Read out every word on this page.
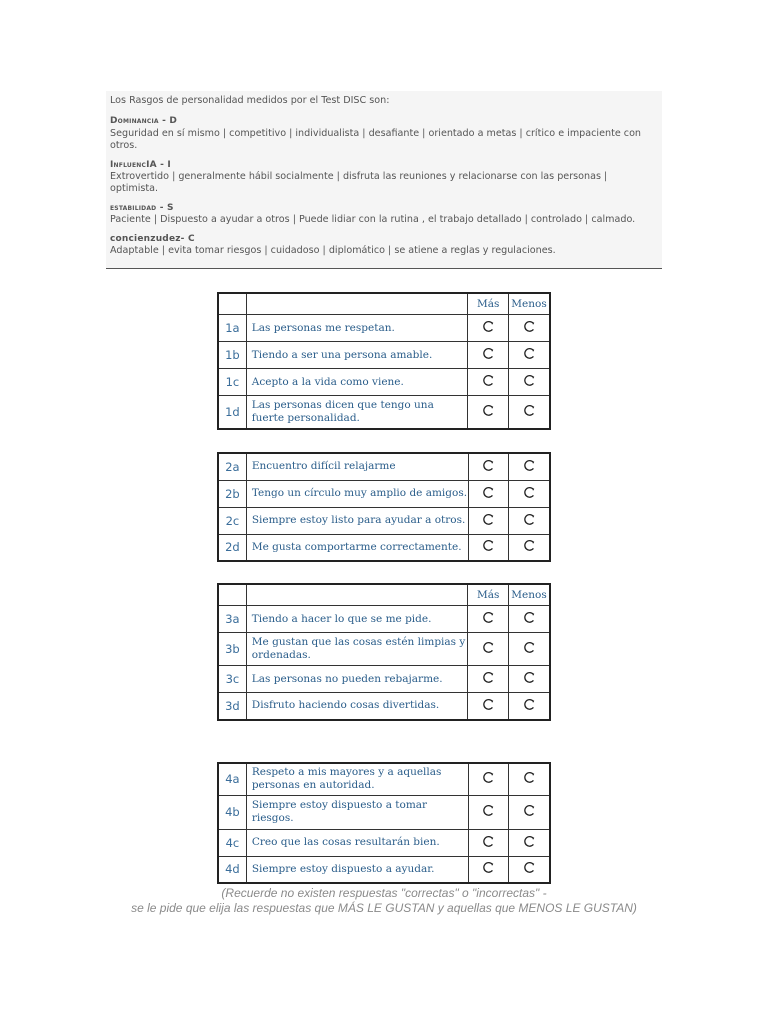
Los Rasgos de personalidad medidos por el Test DISC son:
Dominancia - D
Seguridad en sí mismo | competitivo | individualista | desafiante | orientado a metas | crítico e impaciente con otros.
InfluencIA - I
Extrovertido | generalmente hábil socialmente | disfruta las reuniones y relacionarse con las personas | optimista.
estabilidad - S
Paciente | Dispuesto a ayudar a otros | Puede lidiar con la rutina , el trabajo detallado | controlado | calmado.
concienzudez- C
Adaptable | evita tomar riesgos | cuidadoso | diplomático | se atiene a reglas y regulaciones.
		Más	Menos
1a	Las personas me respetan.	

1b	Tiendo a ser una persona amable.	

1c	Acepto a la vida como viene.	

1d	Las personas dicen que tengo una fuerte personalidad.	

2a	Encuentro difícil relajarme	

2b	Tengo un círculo muy amplio de amigos.	

2c	Siempre estoy listo para ayudar a otros.	

2d	Me gusta comportarme correctamente.	

		Más	Menos
3a	Tiendo a hacer lo que se me pide.	

3b	Me gustan que las cosas estén limpias y ordenadas.	

3c	Las personas no pueden rebajarme.	

3d	Disfruto haciendo cosas divertidas.	

4a	Respeto a mis mayores y a aquellas personas en autoridad.	

4b	Siempre estoy dispuesto a tomar riesgos.	

4c	Creo que las cosas resultarán bien.	

4d	Siempre estoy dispuesto a ayudar.	

(Recuerde no existen respuestas "correctas" o "incorrectas" -
se le pide que elija las respuestas que MÁS LE GUSTAN y aquellas que MENOS LE GUSTAN)
